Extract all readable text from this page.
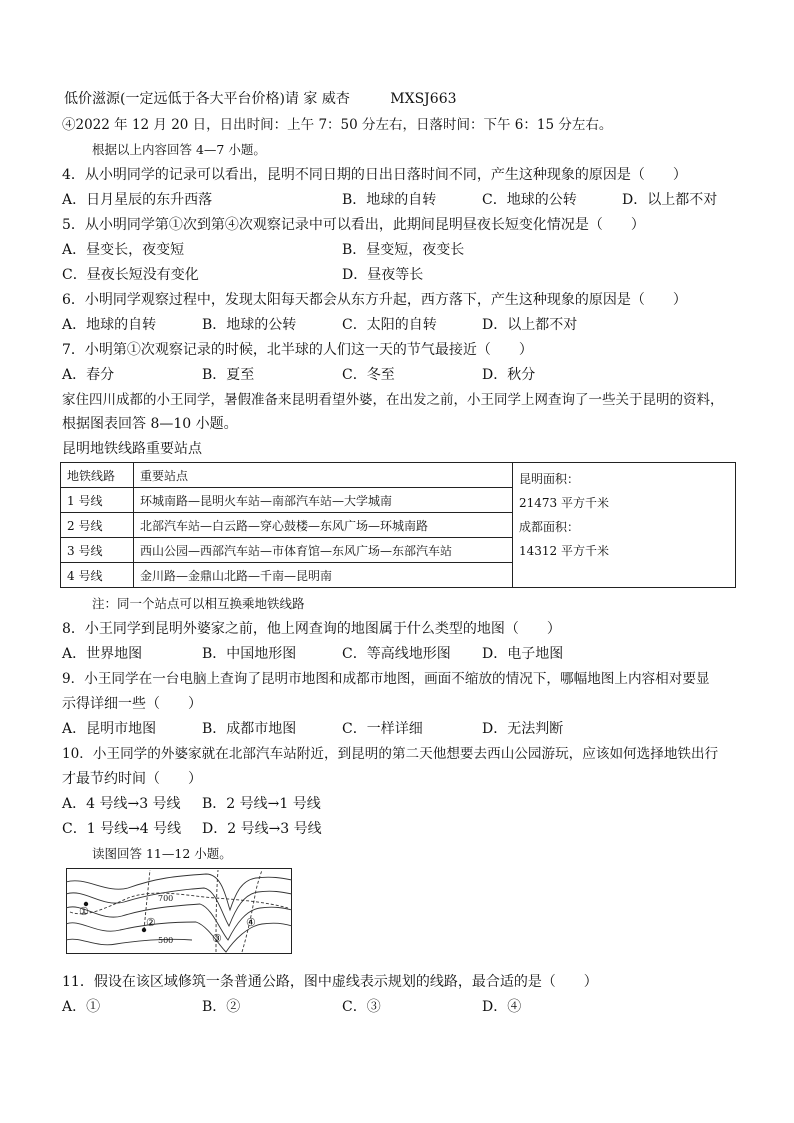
低价滋源(一定远低于各大平台价格)请 家 威杏	MXSJ663
④2022 年 12 月 20 日，日出时间：上午 7：50 分左右，日落时间：下午 6：15 分左右。
根据以上内容回答 4—7 小题。
4．从小明同学的记录可以看出，昆明不同日期的日出日落时间不同，产生这种现象的原因是（　　）
A．日月星辰的东升西落	B．地球的自转	C．地球的公转	D．以上都不对
5．从小明同学第①次到第④次观察记录中可以看出，此期间昆明昼夜长短变化情况是（　　）
A．昼变长，夜变短	B．昼变短，夜变长
C．昼夜长短没有变化	D．昼夜等长
6．小明同学观察过程中，发现太阳每天都会从东方升起，西方落下，产生这种现象的原因是（　　）
A．地球的自转	B．地球的公转	C．太阳的自转	D．以上都不对
7．小明第①次观察记录的时候，北半球的人们这一天的节气最接近（　　）
A．春分	B．夏至	C．冬至	D．秋分
家住四川成都的小王同学，暑假准备来昆明看望外婆，在出发之前，小王同学上网查询了一些关于昆明的资料，
根据图表回答 8—10 小题。
昆明地铁线路重要站点
地铁线路	重要站点	昆明面积：
21473 平方千米
成都面积：
14312 平方千米

1 号线	环城南路—昆明火车站—南部汽车站—大学城南	
2 号线	北部汽车站—白云路—穿心鼓楼—东风广场—环城南路	
3 号线	西山公园—西部汽车站—市体育馆—东风广场—东部汽车站	
4 号线	金川路—金鼎山北路—千南—昆明南	
注：同一个站点可以相互换乘地铁线路
8．小王同学到昆明外婆家之前，他上网查询的地图属于什么类型的地图（　　）
A．世界地图	B．中国地形图	C．等高线地形图 D．电子地图
9．小王同学在一台电脑上查询了昆明市地图和成都市地图，画面不缩放的情况下，哪幅地图上内容相对要显
示得详细一些（　　）
A．昆明市地图	B．成都市地图	C．一样详细	D．无法判断
10．小王同学的外婆家就在北部汽车站附近，到昆明的第二天他想要去西山公园游玩，应该如何选择地铁出行
才最节约时间（　　）
A．4 号线→3 号线 B．2 号线→1 号线
C．1 号线→4 号线 D．2 号线→3 号线
读图回答 11—12 小题。
①
②
③
④
700
500
11．假设在该区域修筑一条普通公路，图中虚线表示规划的线路，最合适的是（　　）
A．①	B．②	C．③	D．④
